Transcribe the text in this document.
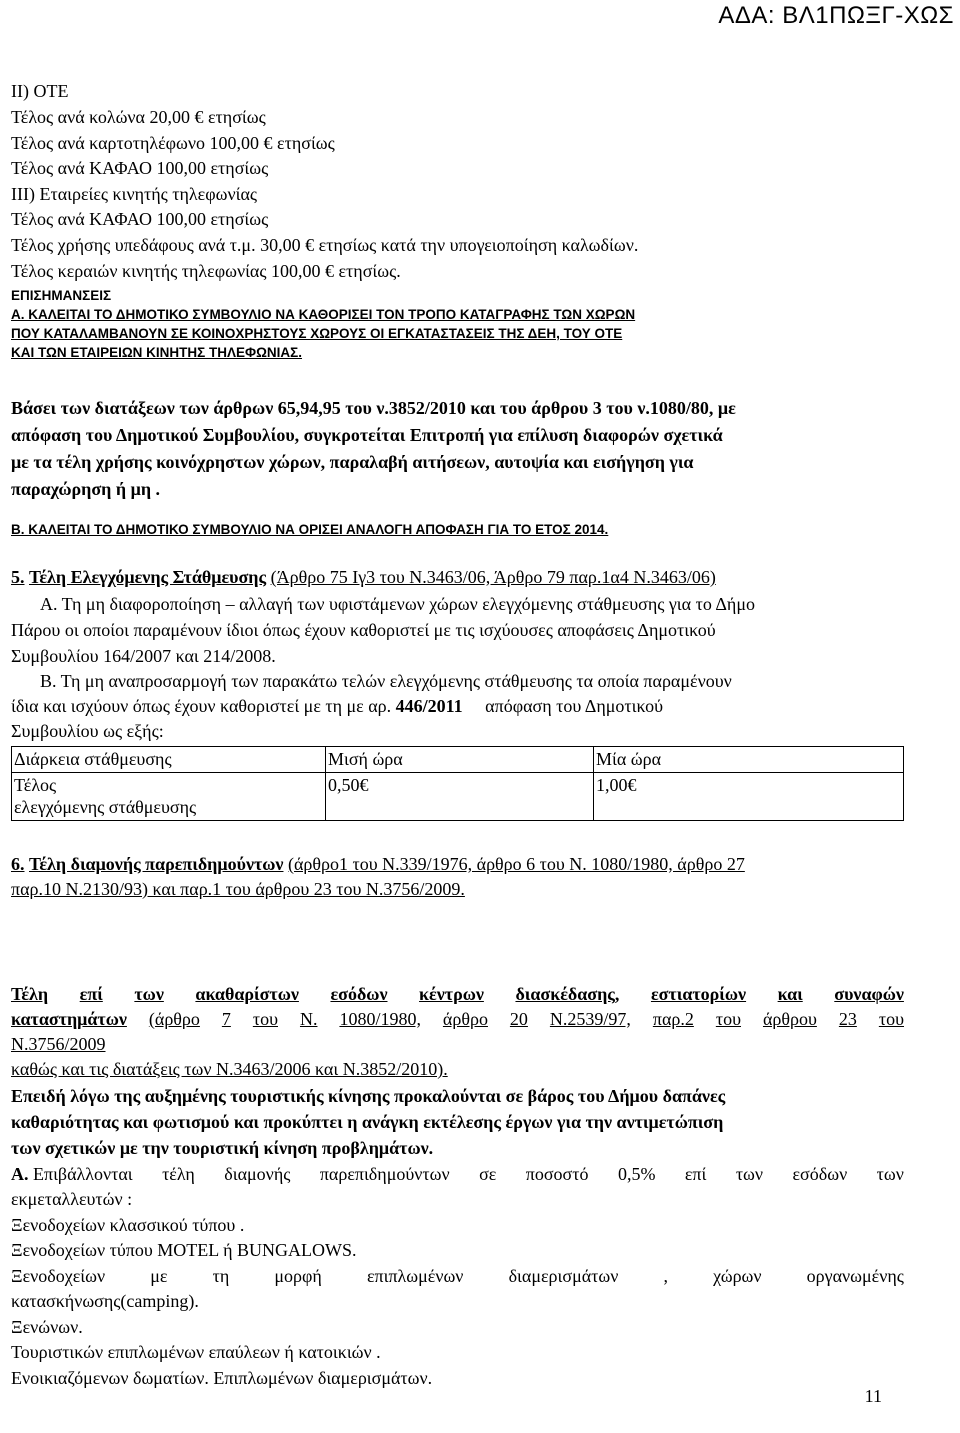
ΑΔΑ: ΒΛ1ΠΩΞΓ-ΧΩΣ
ΙΙ) ΟΤΕ
Τέλος ανά κολώνα 20,00 € ετησίως
Τέλος ανά καρτοτηλέφωνο 100,00 € ετησίως
Τέλος ανά ΚΑΦΑΟ 100,00 ετησίως
ΙΙΙ) Εταιρείες κινητής τηλεφωνίας
Τέλος ανά ΚΑΦΑΟ 100,00 ετησίως
Τέλος χρήσης υπεδάφους ανά τ.μ. 30,00 € ετησίως κατά την υπογειοποίηση καλωδίων.
Τέλος κεραιών κινητής τηλεφωνίας 100,00 € ετησίως.
ΕΠΙΣΗΜΑΝΣΕΙΣ
Α. ΚΑΛΕΙΤΑΙ ΤΟ ΔΗΜΟΤΙΚΟ ΣΥΜΒΟΥΛΙΟ ΝΑ ΚΑΘΟΡΙΣΕΙ ΤΟΝ ΤΡΟΠΟ ΚΑΤΑΓΡΑΦΗΣ ΤΩΝ ΧΩΡΩΝ
ΠΟΥ ΚΑΤΑΛΑΜΒΑΝΟΥΝ ΣΕ ΚΟΙΝΟΧΡΗΣΤΟΥΣ ΧΩΡΟΥΣ ΟΙ ΕΓΚΑΤΑΣΤΑΣΕΙΣ ΤΗΣ ΔΕΗ, ΤΟΥ ΟΤΕ
ΚΑΙ ΤΩΝ ΕΤΑΙΡΕΙΩΝ ΚΙΝΗΤΗΣ ΤΗΛΕΦΩΝΙΑΣ.
Βάσει των διατάξεων των άρθρων 65,94,95 του ν.3852/2010 και του άρθρου 3 του ν.1080/80, με
απόφαση του Δημοτικού Συμβουλίου, συγκροτείται Επιτροπή για επίλυση διαφορών σχετικά
με τα τέλη χρήσης κοινόχρηστων χώρων, παραλαβή αιτήσεων, αυτοψία και εισήγηση για
παραχώρηση ή μη .
Β. ΚΑΛΕΙΤΑΙ ΤΟ ΔΗΜΟΤΙΚΟ ΣΥΜΒΟΥΛΙΟ ΝΑ ΟΡΙΣΕΙ ΑΝΑΛΟΓΗ ΑΠΟΦΑΣΗ ΓΙΑ ΤΟ ΕΤΟΣ 2014.
5. Τέλη Ελεγχόμενης Στάθμευσης (Άρθρο 75 Ιγ3 του Ν.3463/06, Άρθρο 79 παρ.1α4 Ν.3463/06)
Α. Τη μη διαφοροποίηση – αλλαγή των υφιστάμενων χώρων ελεγχόμενης στάθμευσης για το Δήμο
Πάρου οι οποίοι παραμένουν ίδιοι όπως έχουν καθοριστεί με τις ισχύουσες αποφάσεις Δημοτικού
Συμβουλίου 164/2007 και 214/2008.
Β. Τη μη αναπροσαρμογή των παρακάτω τελών ελεγχόμενης στάθμευσης τα οποία παραμένουν
ίδια και ισχύουν όπως έχουν καθοριστεί με τη με αρ. 446/2011 απόφαση του Δημοτικού
Συμβουλίου ως εξής:
Διάρκεια στάθμευσης	Μισή ώρα	Μία ώρα

Τέλος
ελεγχόμενης στάθμευσης	0,50€	1,00€
6. Τέλη διαμονής παρεπιδημούντων (άρθρο1 του Ν.339/1976, άρθρο 6 του Ν. 1080/1980, άρθρο 27
παρ.10 Ν.2130/93) και παρ.1 του άρθρου 23 του Ν.3756/2009.
Τέλη επί των ακαθαρίστων εσόδων κέντρων διασκέδασης, εστιατορίων και συναφών
καταστημάτων (άρθρο 7 του Ν. 1080/1980, άρθρο 20 Ν.2539/97, παρ.2 του άρθρου 23 του
Ν.3756/2009
καθώς και τις διατάξεις των Ν.3463/2006 και Ν.3852/2010).
Επειδή λόγω της αυξημένης τουριστικής κίνησης προκαλούνται σε βάρος του Δήμου δαπάνες
καθαριότητας και φωτισμού και προκύπτει η ανάγκη εκτέλεσης έργων για την αντιμετώπιση
των σχετικών με την τουριστική κίνηση προβλημάτων.
Α. Επιβάλλονται τέλη διαμονής παρεπιδημούντων σε ποσοστό 0,5% επί των εσόδων των
εκμεταλλευτών :
Ξενοδοχείων κλασσικού τύπου .
Ξενοδοχείων τύπου MOTEL ή BUNGALOWS.
Ξενοδοχείων	με	τη	μορφή	επιπλωμένων	διαμερισμάτων	,	χώρων	οργανωμένης
κατασκήνωσης(camping).
Ξενώνων.
Τουριστικών επιπλωμένων επαύλεων ή κατοικιών .
Ενοικιαζόμενων δωματίων. Επιπλωμένων διαμερισμάτων.
11
